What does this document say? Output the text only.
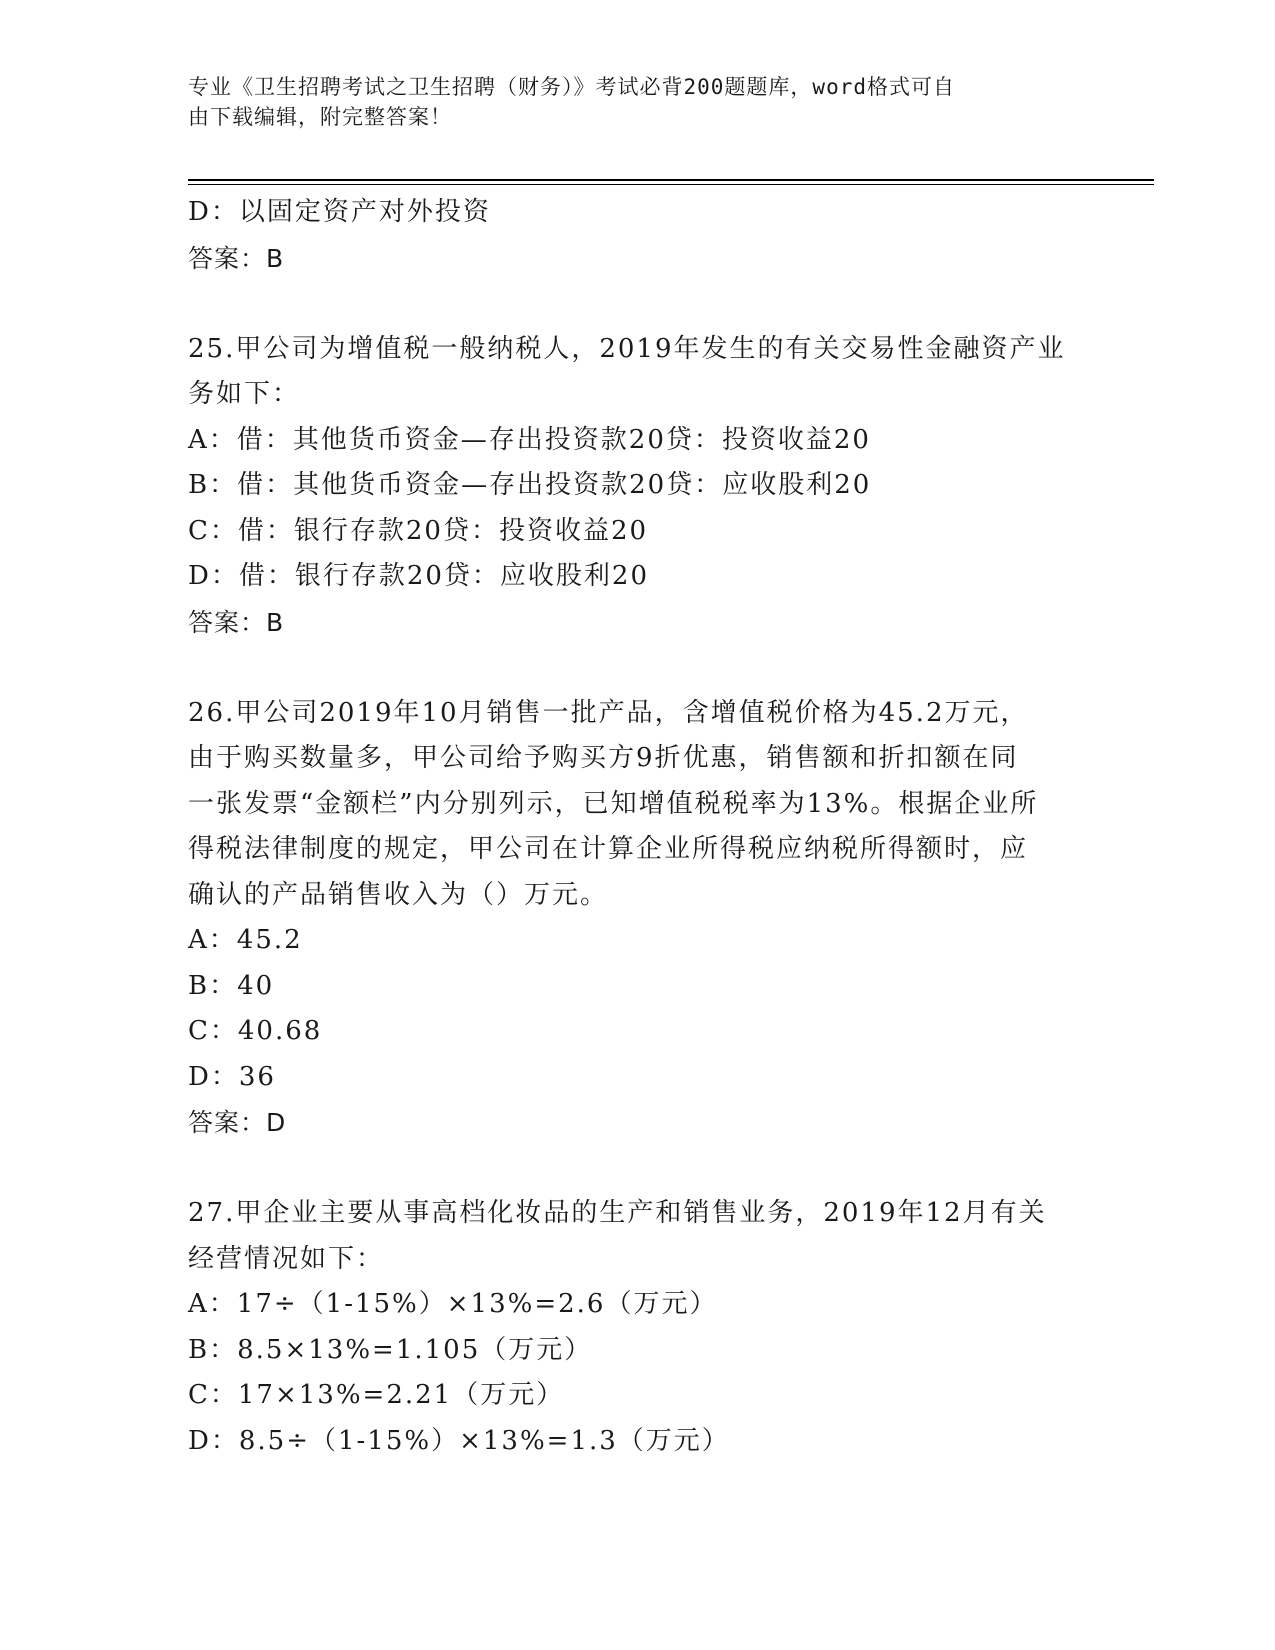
专业《卫生招聘考试之卫生招聘（财务）》考试必背200题题库，word格式可自
由下载编辑，附完整答案！
D：以固定资产对外投资
答案：B
25.甲公司为增值税一般纳税人，2019年发生的有关交易性金融资产业
务如下：
A：借：其他货币资金—存出投资款20贷：投资收益20
B：借：其他货币资金—存出投资款20贷：应收股利20
C：借：银行存款20贷：投资收益20
D：借：银行存款20贷：应收股利20
答案：B
26.甲公司2019年10月销售一批产品，含增值税价格为45.2万元，
由于购买数量多，甲公司给予购买方9折优惠，销售额和折扣额在同
一张发票“金额栏”内分别列示，已知增值税税率为13%。根据企业所
得税法律制度的规定，甲公司在计算企业所得税应纳税所得额时，应
确认的产品销售收入为（）万元。
A：45.2
B：40
C：40.68
D：36
答案：D
27.甲企业主要从事高档化妆品的生产和销售业务，2019年12月有关
经营情况如下：
A：17÷（1-15%）×13%=2.6（万元）
B：8.5×13%=1.105（万元）
C：17×13%=2.21（万元）
D：8.5÷（1-15%）×13%=1.3（万元）
